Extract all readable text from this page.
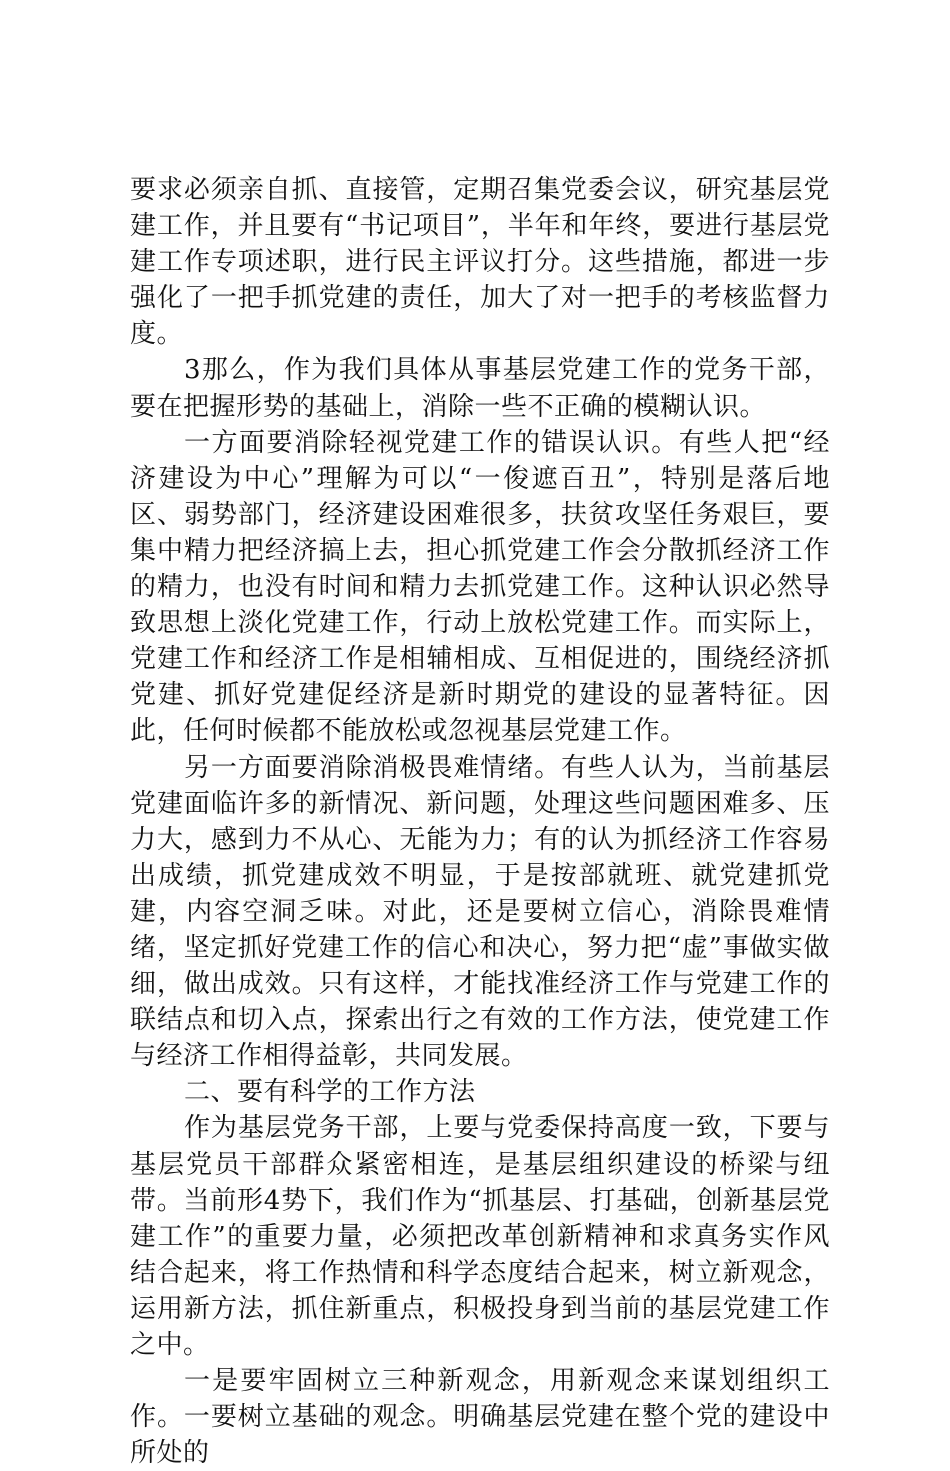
要求必须亲自抓、直接管，定期召集党委会议，研究基层党建工作，并且要有“书记项目”，半年和年终，要进行基层党建工作专项述职，进行民主评议打分。这些措施，都进一步强化了一把手抓党建的责任，加大了对一把手的考核监督力度。

3那么，作为我们具体从事基层党建工作的党务干部，要在把握形势的基础上，消除一些不正确的模糊认识。

一方面要消除轻视党建工作的错误认识。有些人把“经济建设为中心”理解为可以“一俊遮百丑”，特别是落后地区、弱势部门，经济建设困难很多，扶贫攻坚任务艰巨，要集中精力把经济搞上去，担心抓党建工作会分散抓经济工作的精力，也没有时间和精力去抓党建工作。这种认识必然导致思想上淡化党建工作，行动上放松党建工作。而实际上，党建工作和经济工作是相辅相成、互相促进的，围绕经济抓党建、抓好党建促经济是新时期党的建设的显著特征。因此，任何时候都不能放松或忽视基层党建工作。

另一方面要消除消极畏难情绪。有些人认为，当前基层党建面临许多的新情况、新问题，处理这些问题困难多、压力大，感到力不从心、无能为力；有的认为抓经济工作容易出成绩，抓党建成效不明显，于是按部就班、就党建抓党建，内容空洞乏味。对此，还是要树立信心，消除畏难情绪，坚定抓好党建工作的信心和决心，努力把“虚”事做实做细，做出成效。只有这样，才能找准经济工作与党建工作的联结点和切入点，探索出行之有效的工作方法，使党建工作与经济工作相得益彰，共同发展。

二、要有科学的工作方法

作为基层党务干部，上要与党委保持高度一致，下要与基层党员干部群众紧密相连，是基层组织建设的桥梁与纽带。当前形4势下，我们作为“抓基层、打基础，创新基层党建工作”的重要力量，必须把改革创新精神和求真务实作风结合起来，将工作热情和科学态度结合起来，树立新观念，运用新方法，抓住新重点，积极投身到当前的基层党建工作之中。

一是要牢固树立三种新观念，用新观念来谋划组织工作。一要树立基础的观念。明确基层党建在整个党的建设中所处的
